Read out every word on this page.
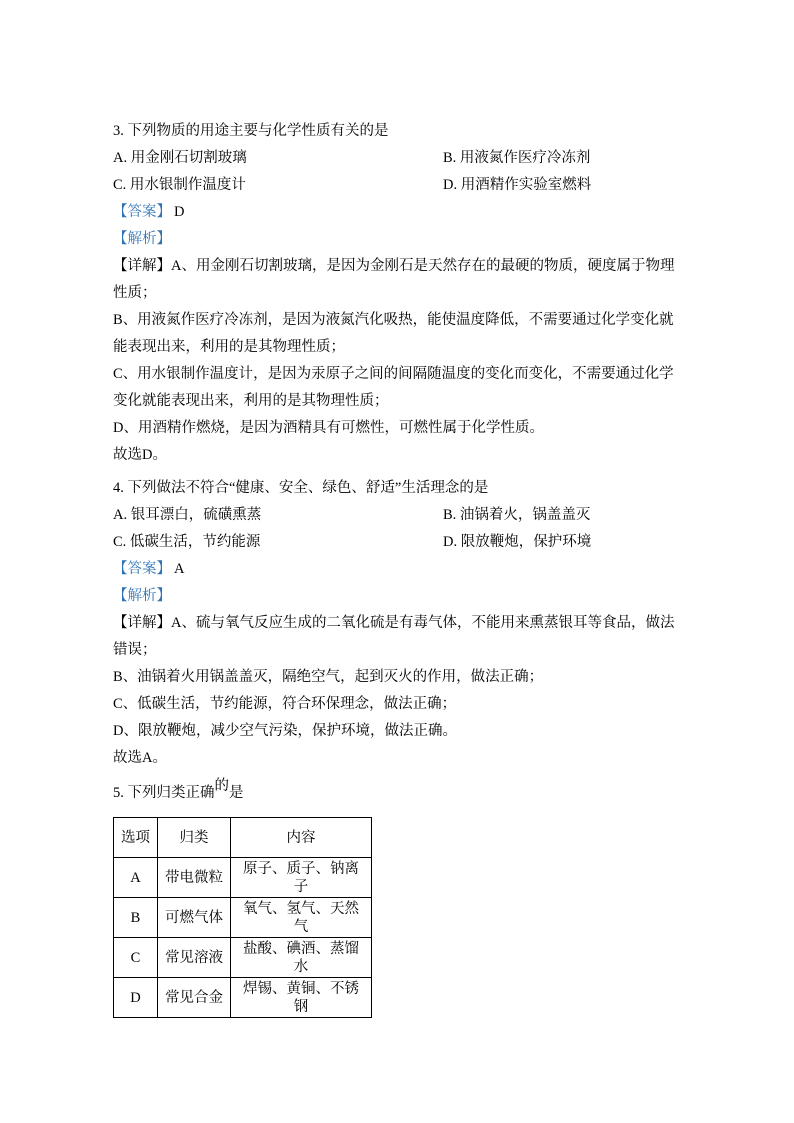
3. 下列物质的用途主要与化学性质有关的是

A. 用金刚石切割玻璃	B. 用液氮作医疗冷冻剂
C. 用水银制作温度计	D. 用酒精作实验室燃料

【答案】 D

【解析】

【详解】A、用金刚石切割玻璃，是因为金刚石是天然存在的最硬的物质，硬度属于物理性质；

B、用液氮作医疗冷冻剂，是因为液氮汽化吸热，能使温度降低，不需要通过化学变化就能表现出来，利用的是其物理性质；

C、用水银制作温度计，是因为汞原子之间的间隔随温度的变化而变化，不需要通过化学变化就能表现出来，利用的是其物理性质；

D、用酒精作燃烧，是因为酒精具有可燃性，可燃性属于化学性质。

故选D。

4. 下列做法不符合“健康、安全、绿色、舒适”生活理念的是

A. 银耳漂白，硫磺熏蒸	B. 油锅着火，锅盖盖灭
C. 低碳生活，节约能源	D. 限放鞭炮，保护环境

【答案】 A

【解析】

【详解】A、硫与氧气反应生成的二氧化硫是有毒气体，不能用来熏蒸银耳等食品，做法错误；

B、油锅着火用锅盖盖灭，隔绝空气，起到灭火的作用，做法正确；

C、低碳生活，节约能源，符合环保理念，做法正确；

D、限放鞭炮，减少空气污染，保护环境，做法正确。

故选A。

5. 下列归类正确的是

选项	归类	内容
A	带电微粒	原子、质子、钠离子
B	可燃气体	氧气、氢气、天然气
C	常见溶液	盐酸、碘酒、蒸馏水
D	常见合金	焊锡、黄铜、不锈钢
